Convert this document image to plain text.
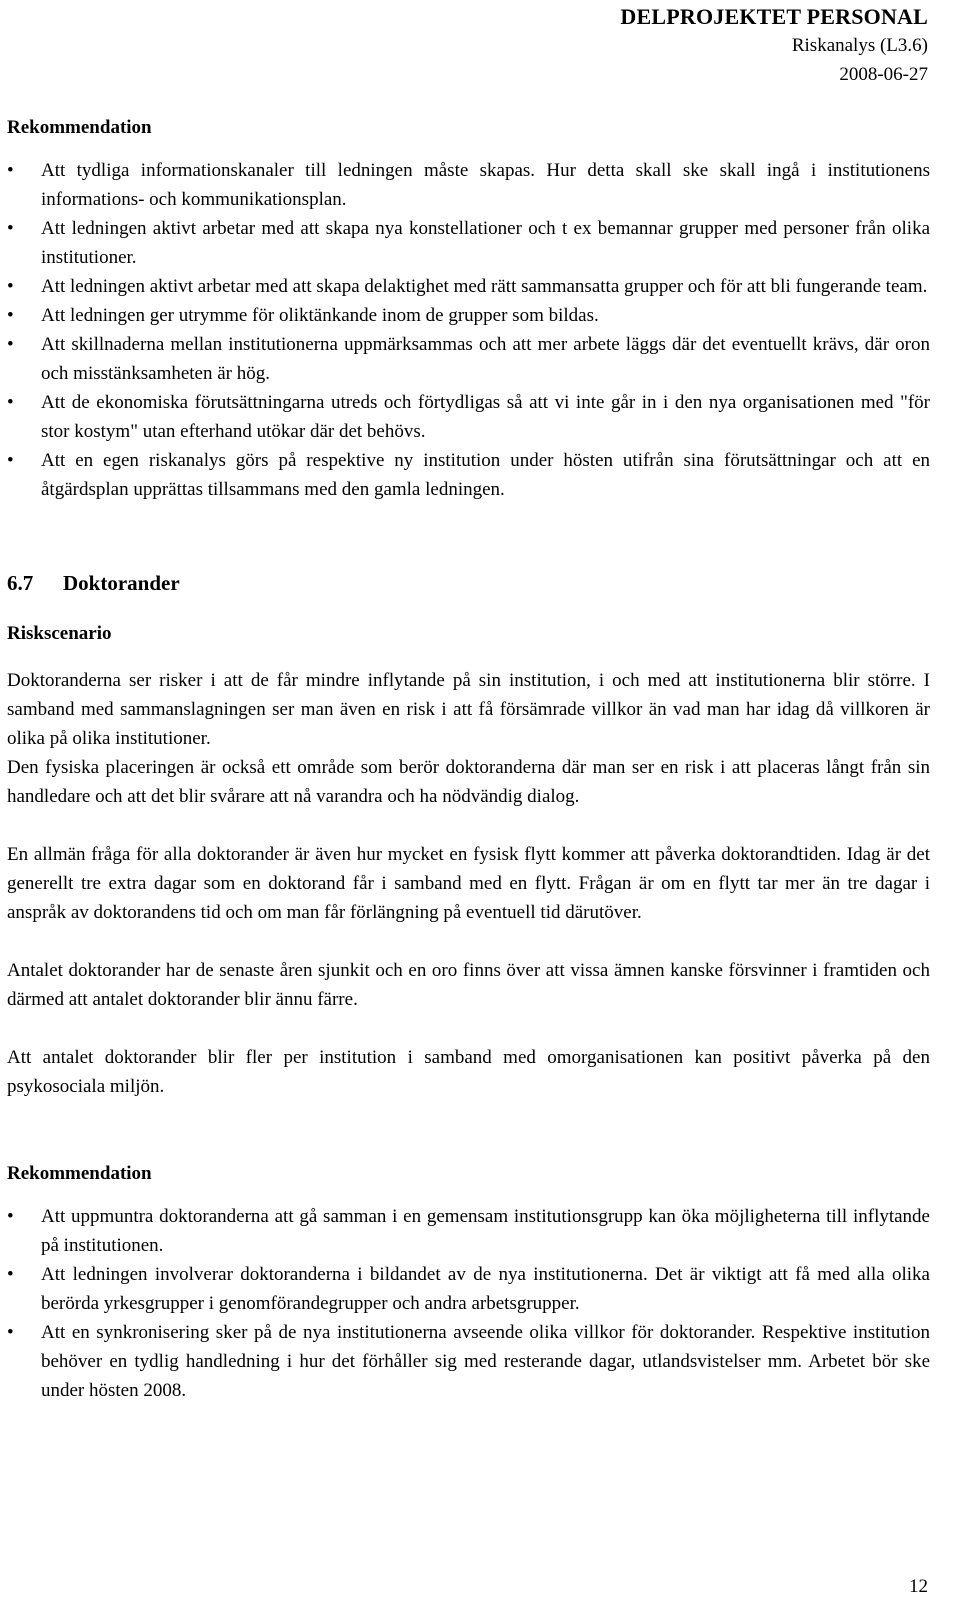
DELPROJEKTET PERSONAL
Riskanalys (L3.6)
2008-06-27
Rekommendation
• Att tydliga informationskanaler till ledningen måste skapas. Hur detta skall ske skall ingå i institutionens informations- och kommunikationsplan.
• Att ledningen aktivt arbetar med att skapa nya konstellationer och t ex bemannar grupper med personer från olika institutioner.
• Att ledningen aktivt arbetar med att skapa delaktighet med rätt sammansatta grupper och för att bli fungerande team.
• Att ledningen ger utrymme för oliktänkande inom de grupper som bildas.
• Att skillnaderna mellan institutionerna uppmärksammas och att mer arbete läggs där det eventuellt krävs, där oron och misstänksamheten är hög.
• Att de ekonomiska förutsättningarna utreds och förtydligas så att vi inte går in i den nya organisationen med "för stor kostym" utan efterhand utökar där det behövs.
• Att en egen riskanalys görs på respektive ny institution under hösten utifrån sina förutsättningar och att en åtgärdsplan upprättas tillsammans med den gamla ledningen.
6.7 Doktorander
Riskscenario

Doktoranderna ser risker i att de får mindre inflytande på sin institution, i och med att institutionerna blir större. I samband med sammanslagningen ser man även en risk i att få försämrade villkor än vad man har idag då villkoren är olika på olika institutioner.

Den fysiska placeringen är också ett område som berör doktoranderna där man ser en risk i att placeras långt från sin handledare och att det blir svårare att nå varandra och ha nödvändig dialog.

En allmän fråga för alla doktorander är även hur mycket en fysisk flytt kommer att påverka doktorandtiden. Idag är det generellt tre extra dagar som en doktorand får i samband med en flytt. Frågan är om en flytt tar mer än tre dagar i anspråk av doktorandens tid och om man får förlängning på eventuell tid därutöver.

Antalet doktorander har de senaste åren sjunkit och en oro finns över att vissa ämnen kanske försvinner i framtiden och därmed att antalet doktorander blir ännu färre.

Att antalet doktorander blir fler per institution i samband med omorganisationen kan positivt påverka på den psykosociala miljön.

Rekommendation
• Att uppmuntra doktoranderna att gå samman i en gemensam institutionsgrupp kan öka möjligheterna till inflytande på institutionen.
• Att ledningen involverar doktoranderna i bildandet av de nya institutionerna. Det är viktigt att få med alla olika berörda yrkesgrupper i genomförandegrupper och andra arbetsgrupper.
• Att en synkronisering sker på de nya institutionerna avseende olika villkor för doktorander. Respektive institution behöver en tydlig handledning i hur det förhåller sig med resterande dagar, utlandsvistelser mm. Arbetet bör ske under hösten 2008.
12
